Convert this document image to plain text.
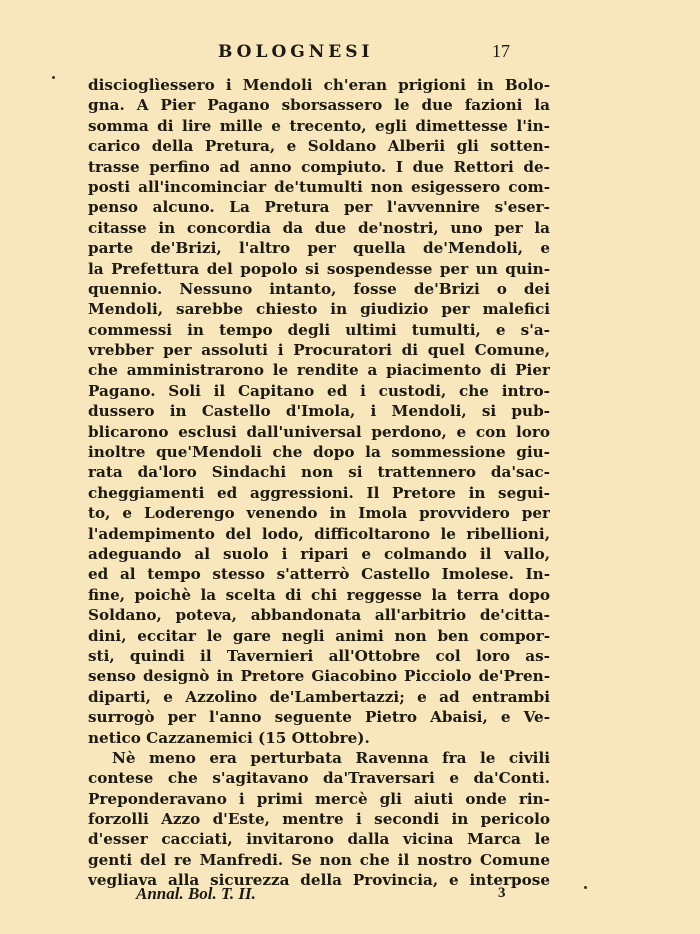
BOLOGNESI	17
discioglìessero i Mendoli ch'eran prigioni in Bolo-
gna. A Pier Pagano sborsassero le due fazioni la
somma di lire mille e trecento, egli dimettesse l'in-
carico della Pretura, e Soldano Alberii gli sotten-
trasse perfino ad anno compiuto. I due Rettori de-
posti all'incominciar de'tumulti non esigessero com-
penso alcuno. La Pretura per l'avvennire s'eser-
citasse in concordia da due de'nostri, uno per la
parte de'Brizi, l'altro per quella de'Mendoli, e
la Prefettura del popolo si sospendesse per un quin-
quennio. Nessuno intanto, fosse de'Brizi o dei
Mendoli, sarebbe chiesto in giudizio per malefici
commessi in tempo degli ultimi tumulti, e s'a-
vrebber per assoluti i Procuratori di quel Comune,
che amministrarono le rendite a piacimento di Pier
Pagano. Soli il Capitano ed i custodi, che intro-
dussero in Castello d'Imola, i Mendoli, si pub-
blicarono esclusi dall'universal perdono, e con loro
inoltre que'Mendoli che dopo la sommessione giu-
rata da'loro Sindachi non si trattennero da'sac-
cheggiamenti ed aggressioni. Il Pretore in segui-
to, e Loderengo venendo in Imola provvidero per
l'adempimento del lodo, difficoltarono le ribellioni,
adeguando al suolo i ripari e colmando il vallo,
ed al tempo stesso s'atterrò Castello Imolese. In-
fine, poichè la scelta di chi reggesse la terra dopo
Soldano, poteva, abbandonata all'arbitrio de'citta-
dini, eccitar le gare negli animi non ben compor-
sti, quindi il Tavernieri all'Ottobre col loro as-
senso designò in Pretore Giacobino Picciolo de'Pren-
diparti, e Azzolino de'Lambertazzi; e ad entrambi
surrogò per l'anno seguente Pietro Abaisi, e Ve-
netico Cazzanemici (15 Ottobre).
Nè meno era perturbata Ravenna fra le civili
contese che s'agitavano da'Traversari e da'Conti.
Preponderavano i primi mercè gli aiuti onde rin-
forzolli Azzo d'Este, mentre i secondi in pericolo
d'esser cacciati, invitarono dalla vicina Marca le
genti del re Manfredi. Se non che il nostro Comune
vegliava alla sicurezza della Provincia, e interpose
Annal. Bol. T. II.	3
